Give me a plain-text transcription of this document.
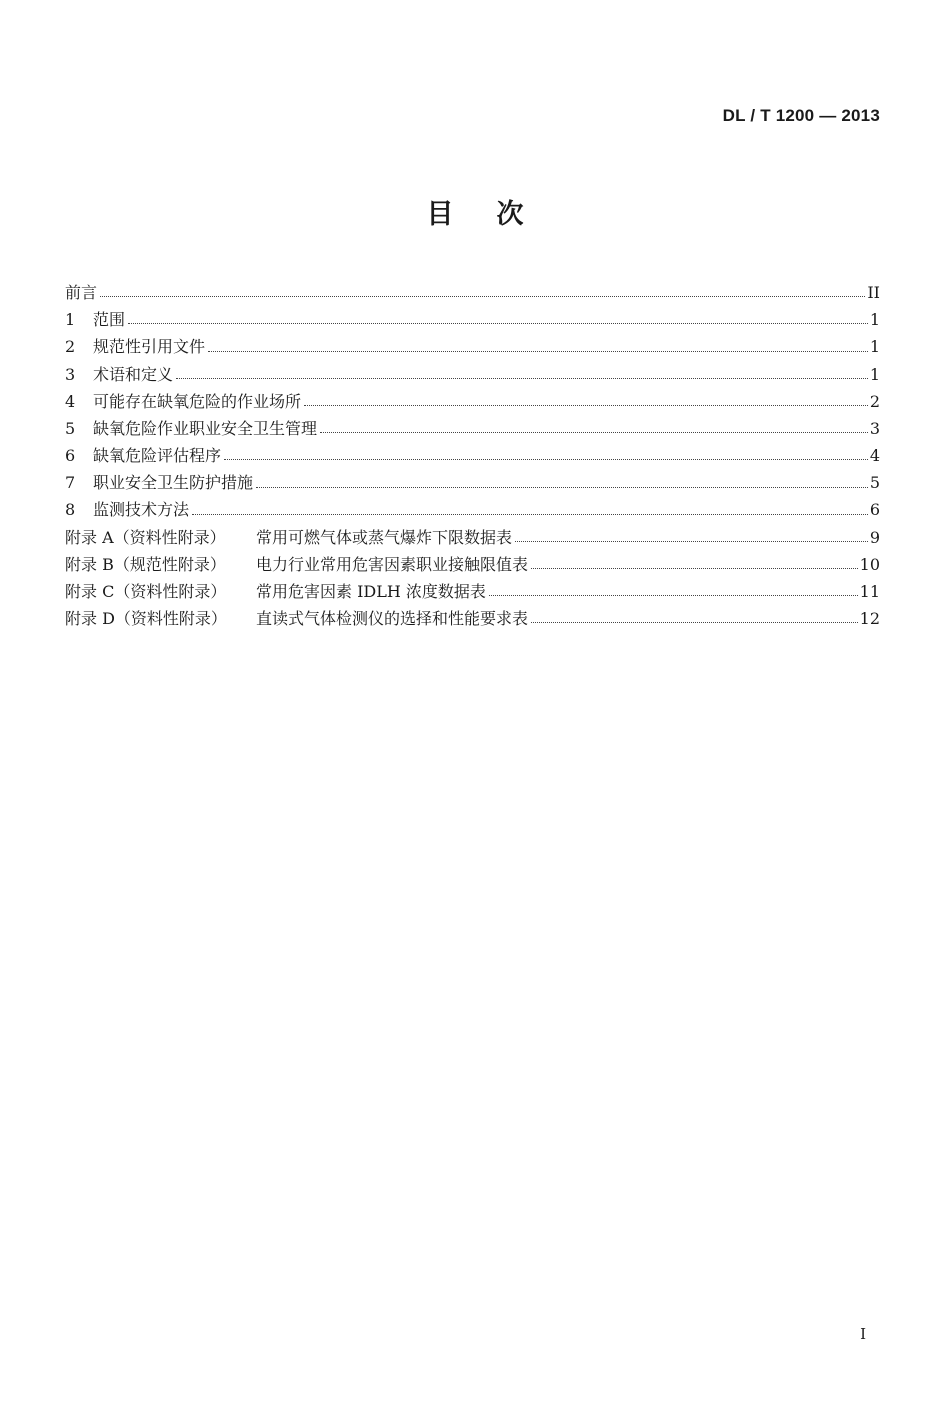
DL / T 1200 — 2013
目　次
前言	II
1	范围	1
2	规范性引用文件	1
3	术语和定义	1
4	可能存在缺氧危险的作业场所	2
5	缺氧危险作业职业安全卫生管理	3
6	缺氧危险评估程序	4
7	职业安全卫生防护措施	5
8	监测技术方法	6
附录 A（资料性附录）	常用可燃气体或蒸气爆炸下限数据表	9
附录 B（规范性附录）	电力行业常用危害因素职业接触限值表	10
附录 C（资料性附录）	常用危害因素 IDLH 浓度数据表	11
附录 D（资料性附录）	直读式气体检测仪的选择和性能要求表	12
I
